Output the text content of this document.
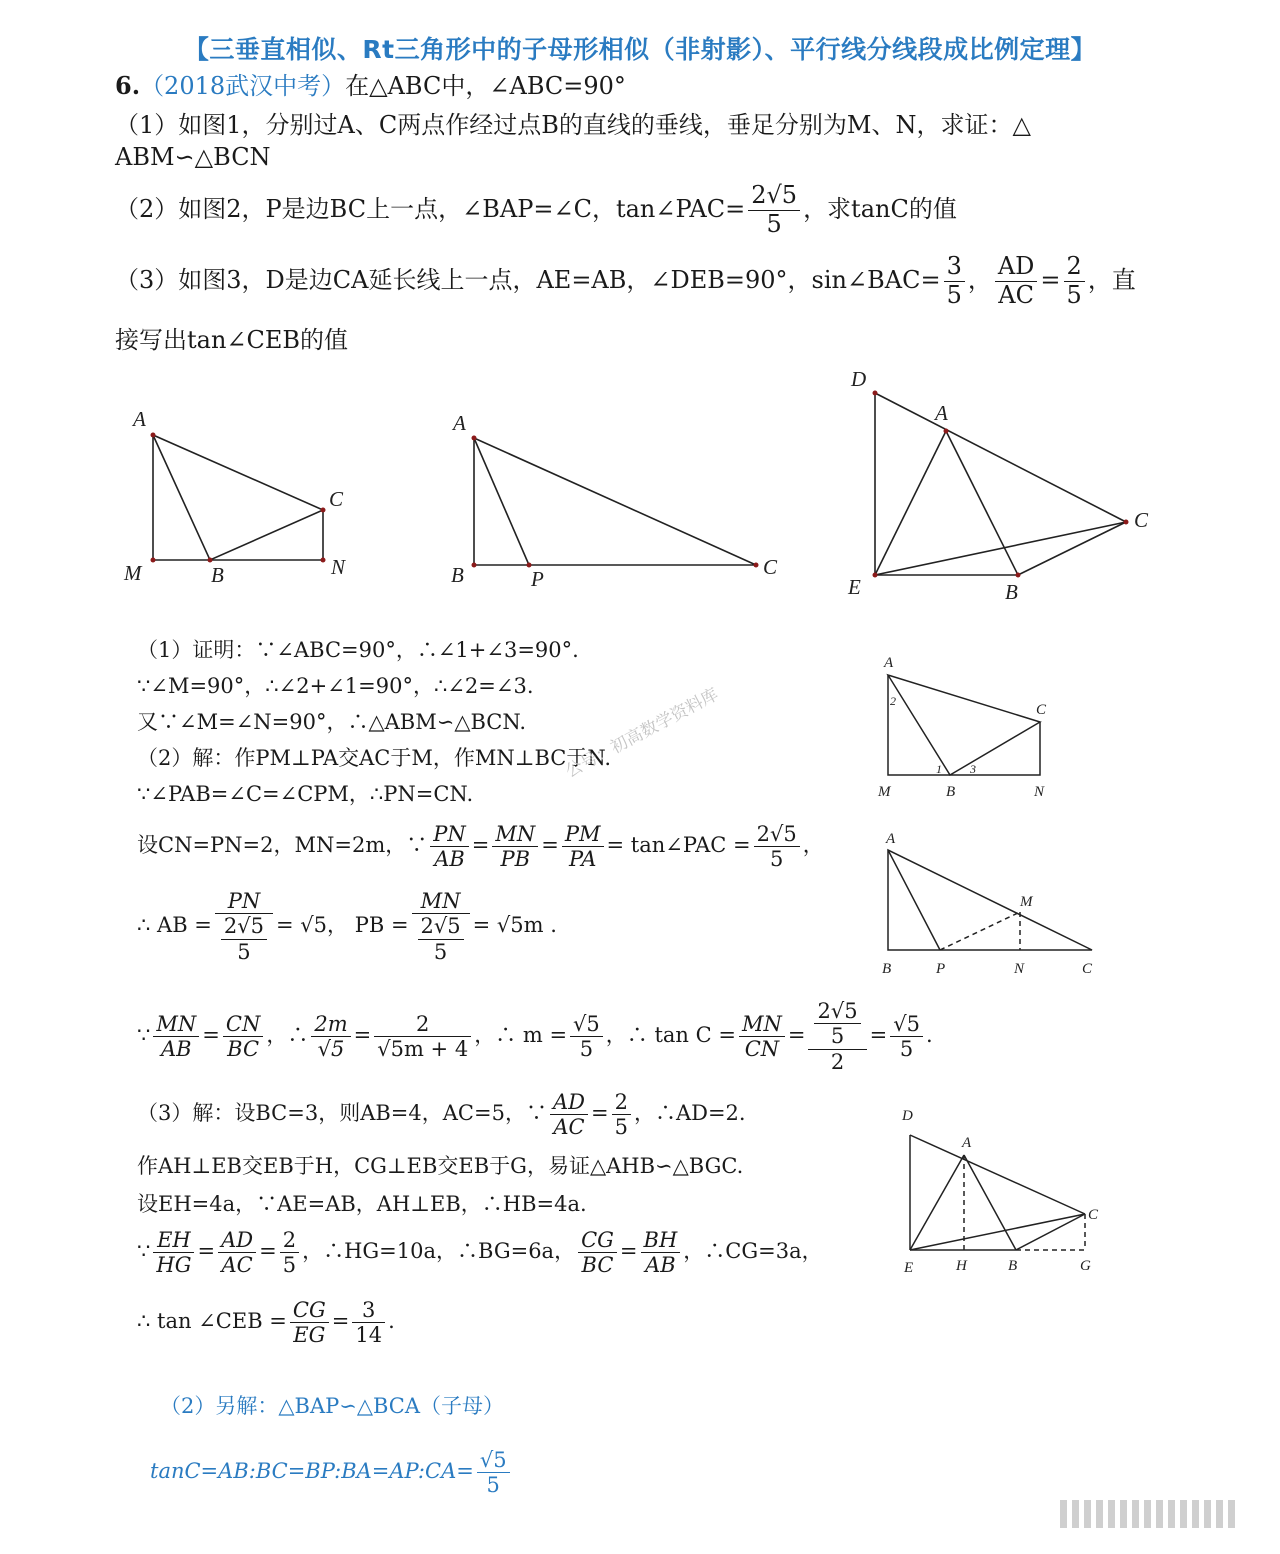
【三垂直相似、Rt三角形中的子母形相似（非射影）、平行线分线段成比例定理】
6.（2018武汉中考）在△ABC中，∠ABC=90°
（1）如图1，分别过A、C两点作经过点B的直线的垂线，垂足分别为M、N，求证：△
ABM∽△BCN
（2）如图2，P是边BC上一点，∠BAP=∠C，tan∠PAC= $\frac{2√5}{5}$ ，求tanC的值
（3）如图3，D是边CA延长线上一点，AE=AB，∠DEB=90°，sin∠BAC= $\frac{3}{5}$ ， $\frac{AD}{AC} = \frac{2}{5}$ ，直
接写出tan∠CEB的值
A
C
M	B	N
A
B	P	C
D
A
C
E	B
（1）证明：∵∠ABC=90°，∴∠1+∠3=90°.
∵∠M=90°，∴∠2+∠1=90°，∴∠2=∠3.
又∵∠M=∠N=90°，∴△ABM∽△BCN.
（2）解：作PM⊥PA交AC于M，作MN⊥BC于N.
∵∠PAB=∠C=∠CPM，∴PN=CN.
设CN=PN=2，MN=2m，∵ $\frac{PN}{AB} = \frac{MN}{PB} = \frac{PM}{PA}$ = tan∠PAC = $\frac{2√5}{5}$ ，
∴ AB = PN
2√5
5 = √5， PB = MN
2√5
5 = √5m .
∵ $\frac{MN}{AB} = \frac{CN}{BC}$ ，∴ $\frac{2m}{√5} = \frac{2}{√5m + 4}$ ，∴ $m = \frac{√5}{5}$ ，∴ $\tan C = \frac{MN}{CN} = \frac{\frac{2√5}{5}}{2} = \frac{√5}{5}$ .
（3）解：设BC=3，则AB=4，AC=5，∵ $\frac{AD}{AC} = \frac{2}{5}$ ，∴AD=2.
作AH⊥EB交EB于H，CG⊥EB交EB于G，易证△AHB∽△BGC.
设EH=4a，∵AE=AB，AH⊥EB，∴HB=4a.
∵ $\frac{EH}{HG} = \frac{AD}{AC} = \frac{2}{5}$ ，∴HG=10a，∴BG=6a， $\frac{CG}{BC} = \frac{BH}{AB}$ ，∴CG=3a，
∴ tan ∠CEB = $\frac{CG}{EG} = \frac{3}{14}$ .
（2）另解：△BAP∽△BCA（子母）
tanC=AB:BC=BP:BA=AP:CA= $\frac{√5}{5}$
公号：初高数学资料库
A
C
M	B	N
2
1 3
A
M
B	P	N	C
D
A
C
E	H	B	G
